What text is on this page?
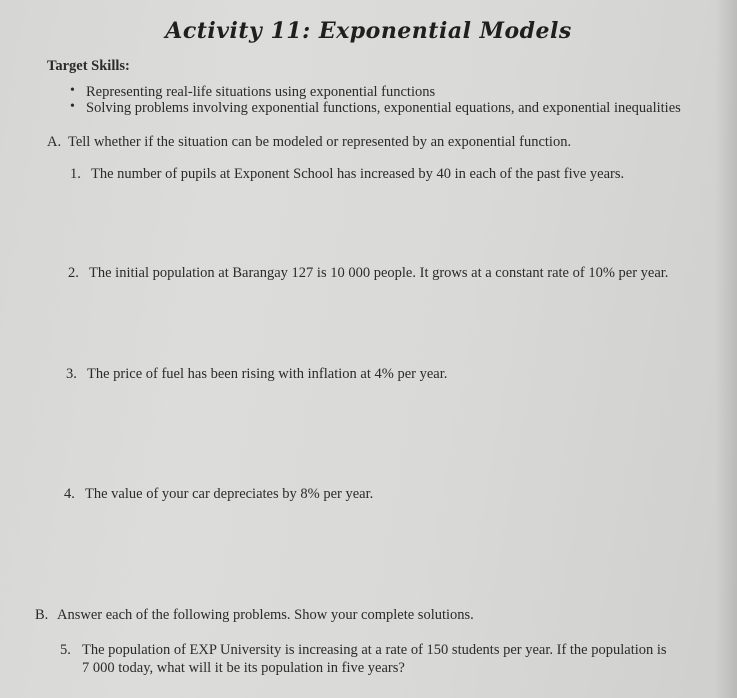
Activity 11: Exponential Models
Target Skills:
• Representing real-life situations using exponential functions
• Solving problems involving exponential functions, exponential equations, and exponential inequalities
A. Tell whether if the situation can be modeled or represented by an exponential function.
1. The number of pupils at Exponent School has increased by 40 in each of the past five years.
2. The initial population at Barangay 127 is 10 000 people. It grows at a constant rate of 10% per year.
3. The price of fuel has been rising with inflation at 4% per year.
4. The value of your car depreciates by 8% per year.
B. Answer each of the following problems. Show your complete solutions.
5. The population of EXP University is increasing at a rate of 150 students per year. If the population is
7 000 today, what will it be its population in five years?
